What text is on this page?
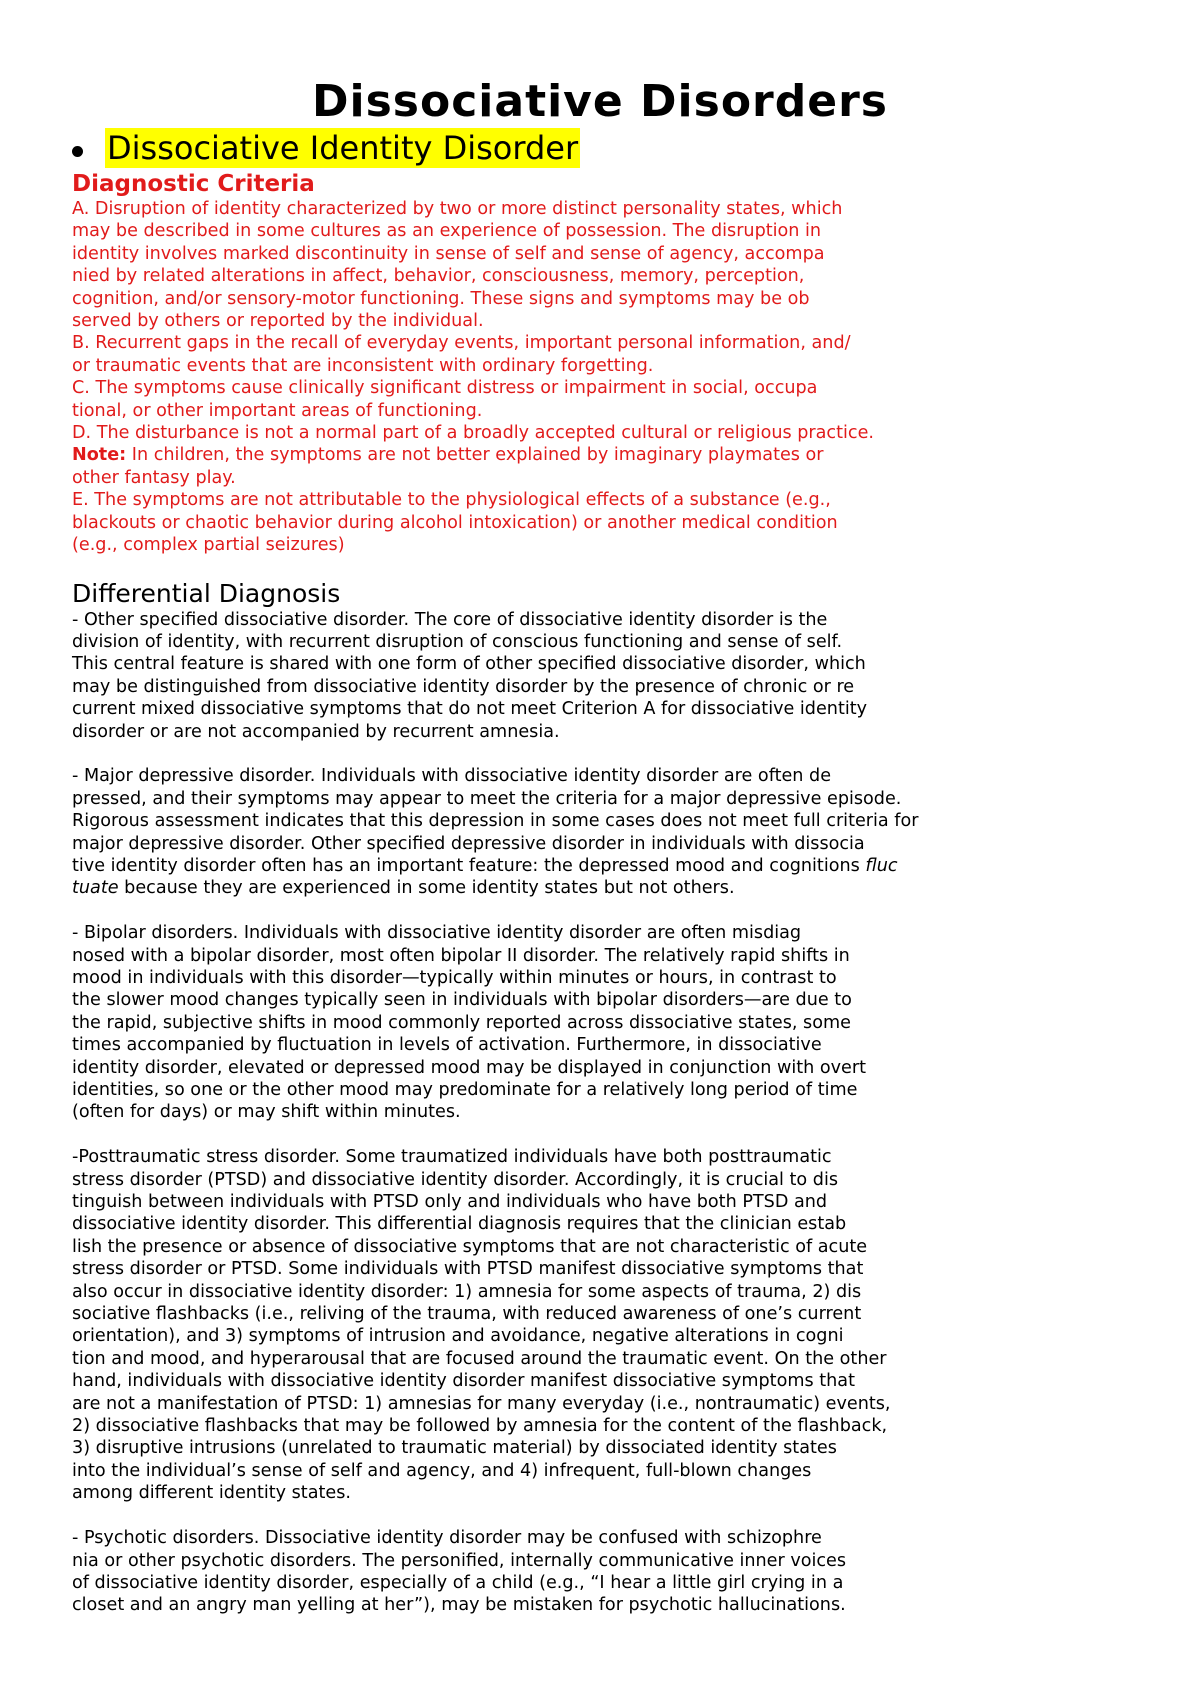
Dissociative Disorders
Dissociative Identity Disorder
Diagnostic Criteria

A. Disruption of identity characterized by two or more distinct personality states, which

may be described in some cultures as an experience of possession. The disruption in

identity involves marked discontinuity in sense of self and sense of agency, accompa

nied by related alterations in affect, behavior, consciousness, memory, perception,

cognition, and/or sensory-motor functioning. These signs and symptoms may be ob

served by others or reported by the individual.

B. Recurrent gaps in the recall of everyday events, important personal information, and/

or traumatic events that are inconsistent with ordinary forgetting.

C. The symptoms cause clinically significant distress or impairment in social, occupa

tional, or other important areas of functioning.

D. The disturbance is not a normal part of a broadly accepted cultural or religious practice.

Note: In children, the symptoms are not better explained by imaginary playmates or

other fantasy play.

E. The symptoms are not attributable to the physiological effects of a substance (e.g.,

blackouts or chaotic behavior during alcohol intoxication) or another medical condition

(e.g., complex partial seizures)

Differential Diagnosis
- Other specified dissociative disorder. The core of dissociative identity disorder is the
division of identity, with recurrent disruption of conscious functioning and sense of self.
This central feature is shared with one form of other specified dissociative disorder, which
may be distinguished from dissociative identity disorder by the presence of chronic or re
current mixed dissociative symptoms that do not meet Criterion A for dissociative identity
disorder or are not accompanied by recurrent amnesia.
- Major depressive disorder. Individuals with dissociative identity disorder are often de
pressed, and their symptoms may appear to meet the criteria for a major depressive episode.
Rigorous assessment indicates that this depression in some cases does not meet full criteria for
major depressive disorder. Other specified depressive disorder in individuals with dissocia
tive identity disorder often has an important feature: the depressed mood and cognitions fluc
tuate because they are experienced in some identity states but not others.
- Bipolar disorders. Individuals with dissociative identity disorder are often misdiag
nosed with a bipolar disorder, most often bipolar II disorder. The relatively rapid shifts in
mood in individuals with this disorder—typically within minutes or hours, in contrast to
the slower mood changes typically seen in individuals with bipolar disorders—are due to
the rapid, subjective shifts in mood commonly reported across dissociative states, some
times accompanied by fluctuation in levels of activation. Furthermore, in dissociative
identity disorder, elevated or depressed mood may be displayed in conjunction with overt
identities, so one or the other mood may predominate for a relatively long period of time
(often for days) or may shift within minutes.
-Posttraumatic stress disorder. Some traumatized individuals have both posttraumatic
stress disorder (PTSD) and dissociative identity disorder. Accordingly, it is crucial to dis
tinguish between individuals with PTSD only and individuals who have both PTSD and
dissociative identity disorder. This differential diagnosis requires that the clinician estab
lish the presence or absence of dissociative symptoms that are not characteristic of acute
stress disorder or PTSD. Some individuals with PTSD manifest dissociative symptoms that
also occur in dissociative identity disorder: 1) amnesia for some aspects of trauma, 2) dis
sociative flashbacks (i.e., reliving of the trauma, with reduced awareness of one’s current
orientation), and 3) symptoms of intrusion and avoidance, negative alterations in cogni
tion and mood, and hyperarousal that are focused around the traumatic event. On the other
hand, individuals with dissociative identity disorder manifest dissociative symptoms that
are not a manifestation of PTSD: 1) amnesias for many everyday (i.e., nontraumatic) events,
2) dissociative flashbacks that may be followed by amnesia for the content of the flashback,
3) disruptive intrusions (unrelated to traumatic material) by dissociated identity states
into the individual’s sense of self and agency, and 4) infrequent, full-blown changes
among different identity states.
- Psychotic disorders. Dissociative identity disorder may be confused with schizophre
nia or other psychotic disorders. The personified, internally communicative inner voices
of dissociative identity disorder, especially of a child (e.g., “I hear a little girl crying in a
closet and an angry man yelling at her”), may be mistaken for psychotic hallucinations.
